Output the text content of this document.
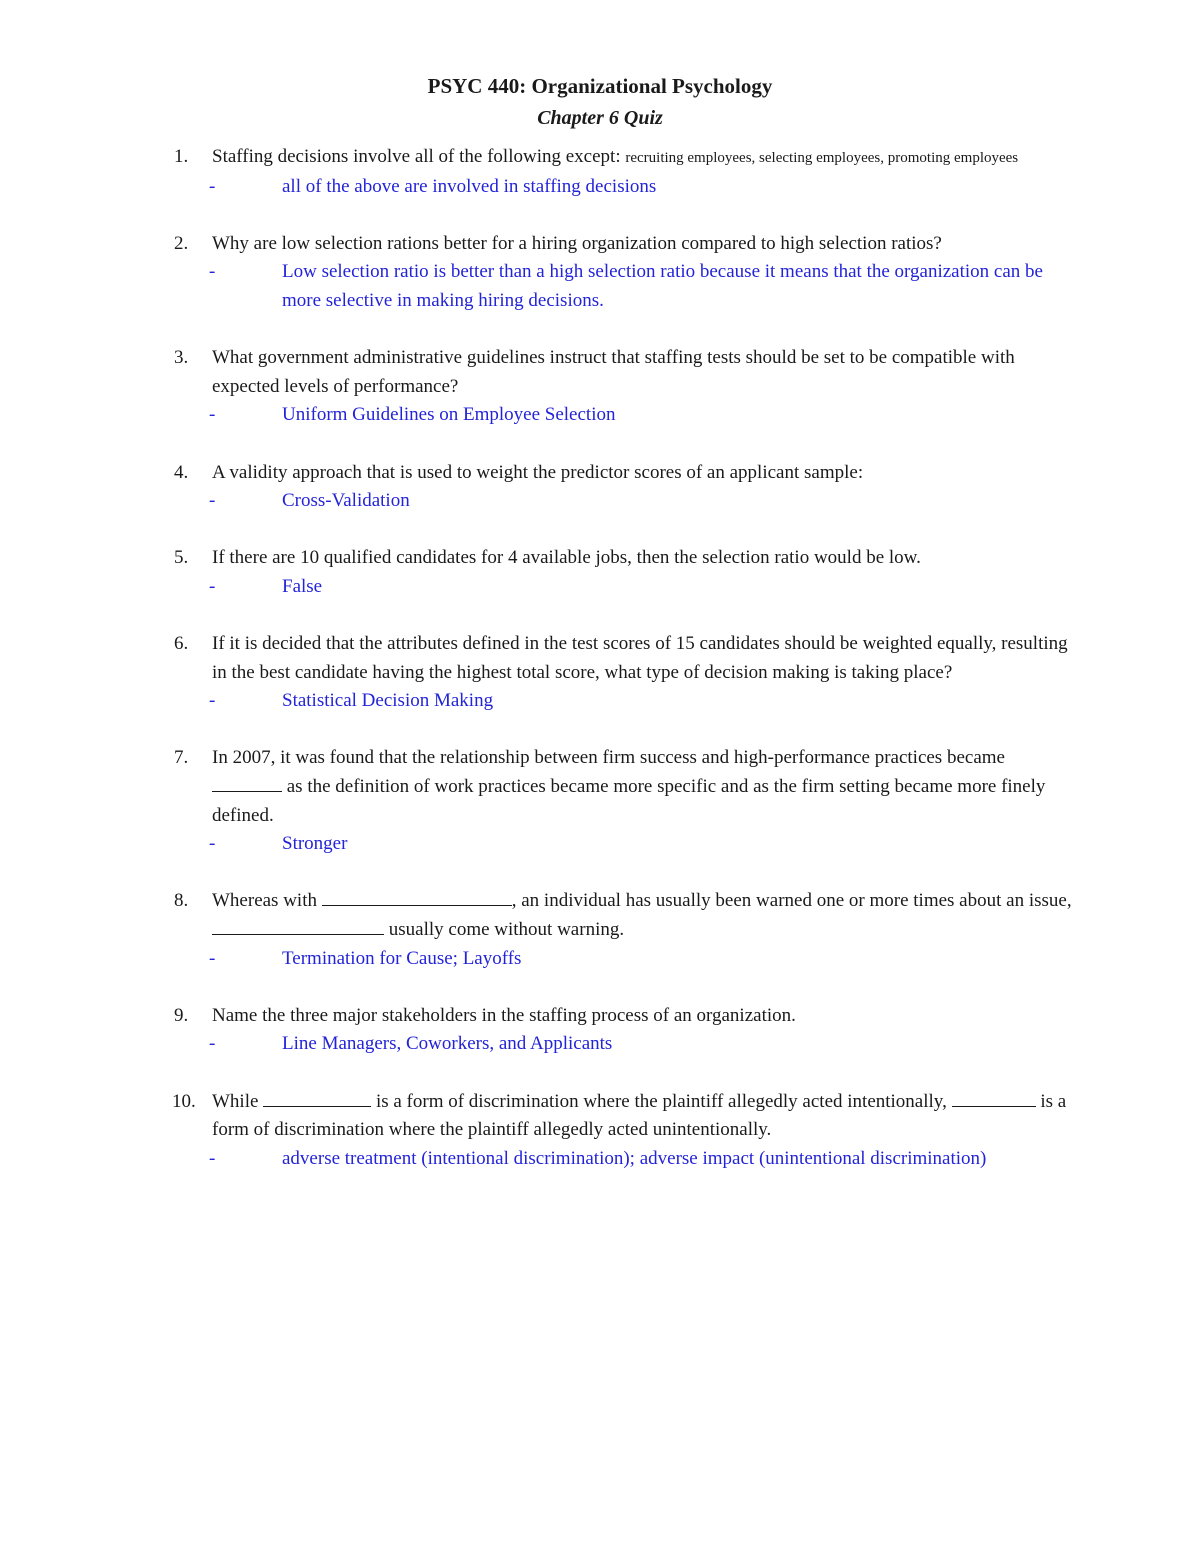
PSYC 440: Organizational Psychology
Chapter 6 Quiz
1.	Staffing decisions involve all of the following except: recruiting employees, selecting employees, promoting employees
-	all of the above are involved in staffing decisions
2.	Why are low selection rations better for a hiring organization compared to high selection ratios?
-	Low selection ratio is better than a high selection ratio because it means that the organization can be more selective in making hiring decisions.
3.	What government administrative guidelines instruct that staffing tests should be set to be compatible with expected levels of performance?
-	Uniform Guidelines on Employee Selection
4.	A validity approach that is used to weight the predictor scores of an applicant sample:
-	Cross-Validation
5.	If there are 10 qualified candidates for 4 available jobs, then the selection ratio would be low.
-	False
6.	If it is decided that the attributes defined in the test scores of 15 candidates should be weighted equally, resulting in the best candidate having the highest total score, what type of decision making is taking place?
-	Statistical Decision Making
7.	In 2007, it was found that the relationship between firm success and high-performance practices became  as the definition of work practices became more specific and as the firm setting became more finely defined.
-	Stronger
8.	Whereas with	, an individual has usually been warned one or more times about an issue,  usually come without warning.
-	Termination for Cause; Layoffs
9.	Name the three major stakeholders in the staffing process of an organization.
-	Line Managers, Coworkers, and Applicants
10. While	is a form of discrimination where the plaintiff allegedly acted intentionally,	is a form of discrimination where the plaintiff allegedly acted unintentionally.
-	adverse treatment (intentional discrimination); adverse impact (unintentional discrimination)
